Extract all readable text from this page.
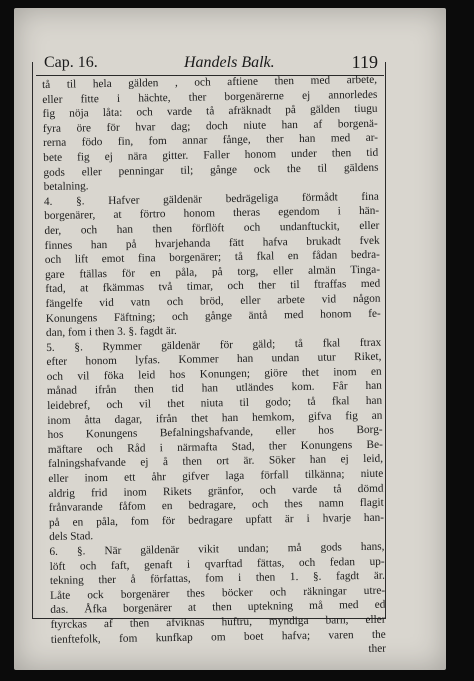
Cap. 16.	Handels Balk.	119
tå til hela gälden , och aftiene then med arbete,
eller fitte i hächte, ther borgenärerne ej annorledes
fig nöja låta: och varde tå afräknadt på gälden tiugu
fyra öre för hvar dag; doch niute han af borgenä-
rerna födo fin, fom annar fånge, ther han med ar-
bete fig ej nära gitter. Faller honom under then tid
gods eller penningar til; gånge ock the til gäldens
betalning.
4. §. Hafver gäldenär bedrägeliga förmådt fina
borgenärer, at förtro honom theras egendom i hän-
der, och han then förflöft och undanftuckit, eller
finnes han på hvarjehanda fätt hafva brukadt fvek
och lift emot fina borgenärer; tå fkal en fådan bedra-
gare ftällas för en påla, på torg, eller almän Tinga-
ftad, at fkämmas två timar, och ther til ftraffas med
fängelfe vid vatn och bröd, eller arbete vid någon
Konungens Fäftning; och gånge äntå med honom fe-
dan, fom i then 3. §. fagdt är.
5. §. Rymmer gäldenär för gäld; tå fkal ftrax
efter honom lyfas. Kommer han undan utur Riket,
och vil föka leid hos Konungen; giöre thet inom en
månad ifrån then tid han utländes kom. Får han
leidebref, och vil thet niuta til godo; tå fkal han
inom åtta dagar, ifrån thet han hemkom, gifva fig an
hos Konungens Befalningshafvande, eller hos Borg-
mäftare och Råd i närmafta Stad, ther Konungens Be-
falningshafvande ej å then ort är. Söker han ej leid,
eller inom ett åhr gifver laga förfall tilkänna; niute
aldrig frid inom Rikets gränfor, och varde tå dömd
frånvarande fåfom en bedragare, och thes namn flagit
på en påla, fom för bedragare upfatt är i hvarje han-
dels Stad.
6. §. När gäldenär vikit undan; må gods hans,
löft och faft, genaft i qvarftad fättas, och fedan up-
tekning ther å författas, fom i then 1. §. fagdt är.
Låte ock borgenärer thes böcker och räkningar utre-
das. Åfka borgenärer at then uptekning må med ed
ftyrckas af then afviknas huftru, myndiga barn, eller
tienftefolk, fom kunfkap om boet hafva; varen the
ther
